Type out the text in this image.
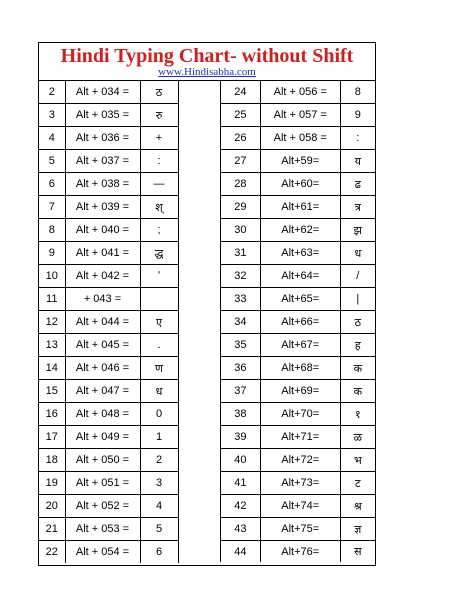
Hindi Typing Chart- without Shift
www.Hindisabha.com
2	Alt + 034 =	ठ
3	Alt + 035 =	रु
4	Alt + 036 =	+
5	Alt + 037 =	:
6	Alt + 038 =	—
7	Alt + 039 =	श्
8	Alt + 040 =	;
9	Alt + 041 =	द्ध
10	Alt + 042 =	ʹ
11	+ 043 =	
12	Alt + 044 =	ए
13	Alt + 045 =	.
14	Alt + 046 =	ण
15	Alt + 047 =	ध
16	Alt + 048 =	0
17	Alt + 049 =	1
18	Alt + 050 =	2
19	Alt + 051 =	3
20	Alt + 052 =	4
21	Alt + 053 =	5
22	Alt + 054 =	6
24	Alt + 056 =	8
25	Alt + 057 =	9
26	Alt + 058 =	:
27	Alt+59=	य
28	Alt+60=	ढ
29	Alt+61=	त्र
30	Alt+62=	झ
31	Alt+63=	ध
32	Alt+64=	/
33	Alt+65=	|
34	Alt+66=	ठ
35	Alt+67=	ह
36	Alt+68=	क
37	Alt+69=	क
38	Alt+70=	१
39	Alt+71=	ळ
40	Alt+72=	भ
41	Alt+73=	ट
42	Alt+74=	श्र
43	Alt+75=	ज्ञ
44	Alt+76=	स
